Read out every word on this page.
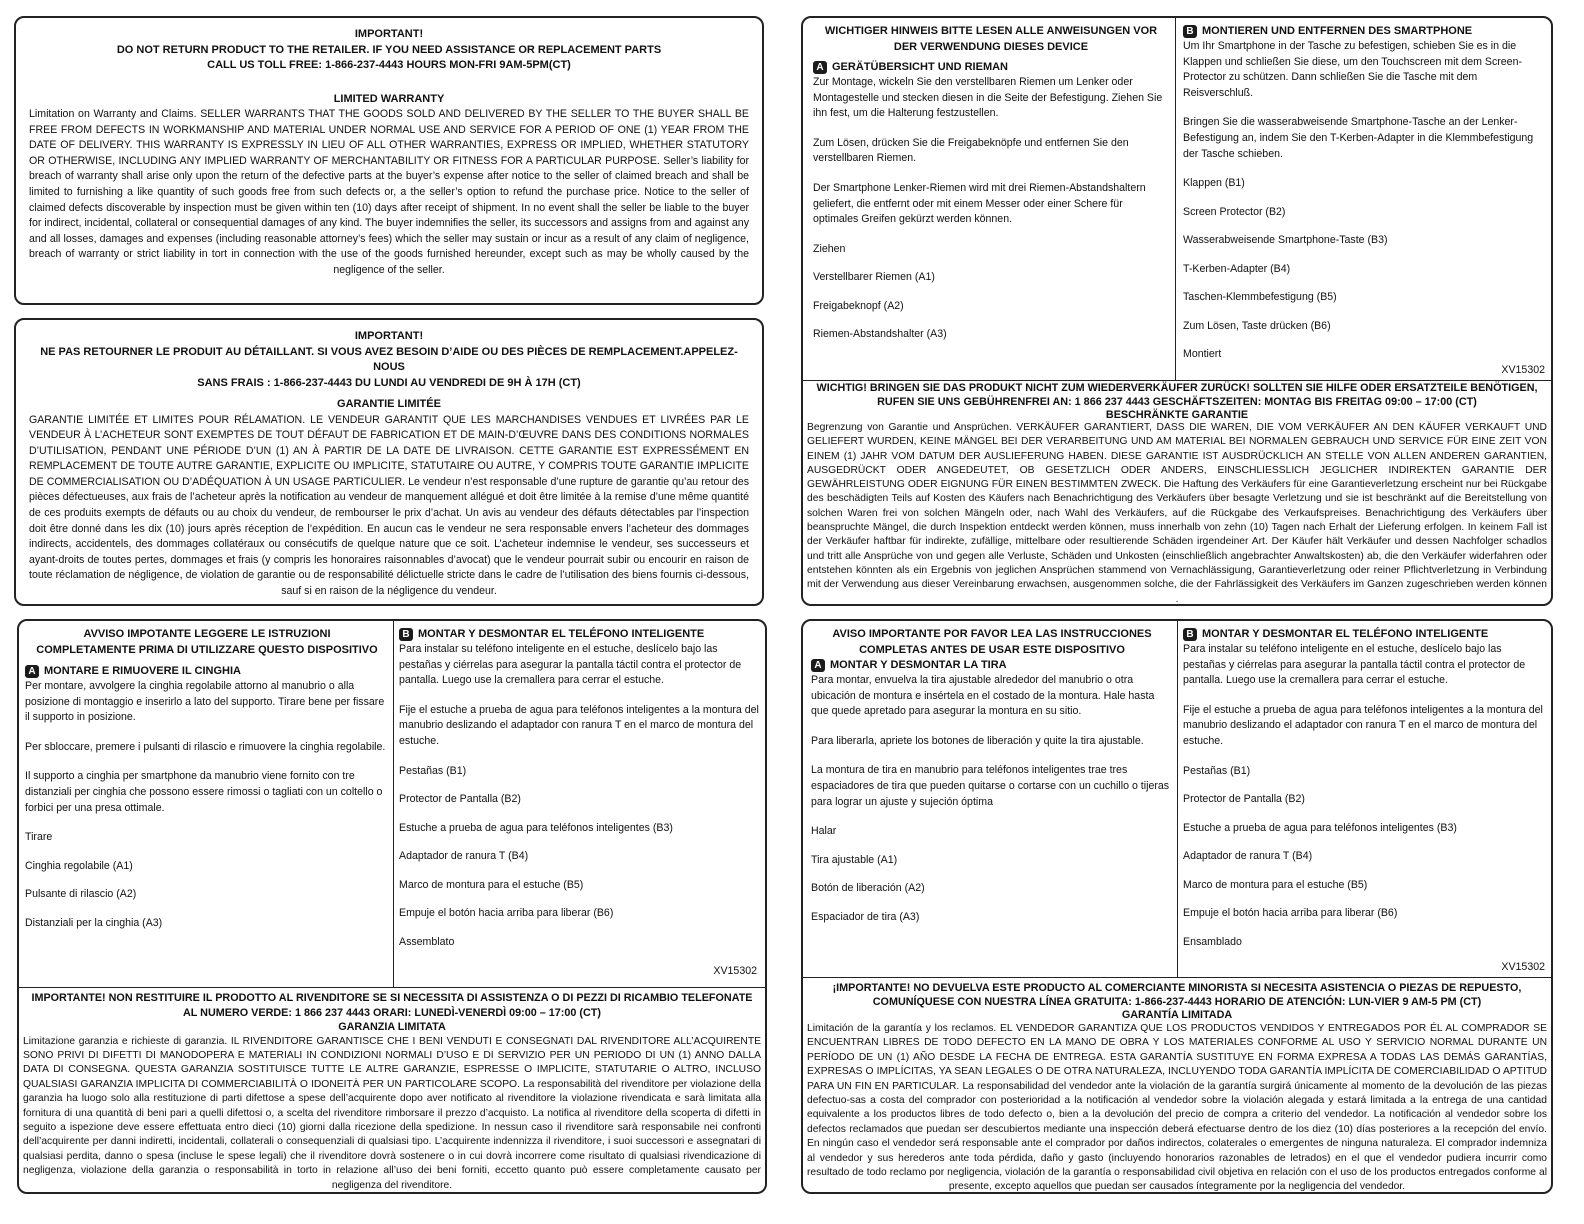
IMPORTANT!
DO NOT RETURN PRODUCT TO THE RETAILER. IF YOU NEED ASSISTANCE OR REPLACEMENT PARTS
CALL US TOLL FREE: 1-866-237-4443 HOURS MON-FRI 9AM-5PM(CT)
LIMITED WARRANTY
Limitation on Warranty and Claims. SELLER WARRANTS THAT THE GOODS SOLD AND DELIVERED BY THE SELLER TO THE BUYER SHALL BE FREE FROM DEFECTS IN WORKMANSHIP AND MATERIAL UNDER NORMAL USE AND SERVICE FOR A PERIOD OF ONE (1) YEAR FROM THE DATE OF DELIVERY. THIS WARRANTY IS EXPRESSLY IN LIEU OF ALL OTHER WARRANTIES, EXPRESS OR IMPLIED, WHETHER STATUTORY OR OTHERWISE, INCLUDING ANY IMPLIED WARRANTY OF MERCHANTABILITY OR FITNESS FOR A PARTICULAR PURPOSE. Seller’s liability for breach of warranty shall arise only upon the return of the defective parts at the buyer’s expense after notice to the seller of claimed breach and shall be limited to furnishing a like quantity of such goods free from such defects or, a the seller’s option to refund the purchase price. Notice to the seller of claimed defects discoverable by inspection must be given within ten (10) days after receipt of shipment. In no event shall the seller be liable to the buyer for indirect, incidental, collateral or consequential damages of any kind. The buyer indemnifies the seller, its successors and assigns from and against any and all losses, damages and expenses (including reasonable attorney’s fees) which the seller may sustain or incur as a result of any claim of negligence, breach of warranty or strict liability in tort in connection with the use of the goods furnished hereunder, except such as may be wholly caused by the negligence of the seller.
IMPORTANT!
NE PAS RETOURNER LE PRODUIT AU DÉTAILLANT. SI VOUS AVEZ BESOIN D’AIDE OU DES PIÈCES DE REMPLACEMENT.APPELEZ-NOUS
SANS FRAIS : 1-866-237-4443 DU LUNDI AU VENDREDI DE 9H À 17H (CT)
GARANTIE LIMITÉE
GARANTIE LIMITÉE ET LIMITES POUR RÉLAMATION. LE VENDEUR GARANTIT QUE LES MARCHANDISES VENDUES ET LIVRÉES PAR LE VENDEUR À L’ACHETEUR SONT EXEMPTES DE TOUT DÉFAUT DE FABRICATION ET DE MAIN-D’ŒUVRE DANS DES CONDITIONS NORMALES D’UTILISATION, PENDANT UNE PÉRIODE D’UN (1) AN À PARTIR DE LA DATE DE LIVRAISON. CETTE GARANTIE EST EXPRESSÉMENT EN REMPLACEMENT DE TOUTE AUTRE GARANTIE, EXPLICITE OU IMPLICITE, STATUTAIRE OU AUTRE, Y COMPRIS TOUTE GARANTIE IMPLICITE DE COMMERCIALISATION OU D’ADÉQUATION À UN USAGE PARTICULIER. Le vendeur n’est responsable d’une rupture de garantie qu’au retour des pièces défectueuses, aux frais de l’acheteur après la notification au vendeur de manquement allégué et doit être limitée à la remise d’une même quantité de ces produits exempts de défauts ou au choix du vendeur, de rembourser le prix d’achat. Un avis au vendeur des défauts détectables par l’inspection doit être donné dans les dix (10) jours après réception de l’expédition. En aucun cas le vendeur ne sera responsable envers l’acheteur des dommages indirects, accidentels, des dommages collatéraux ou consécutifs de quelque nature que ce soit. L’acheteur indemnise le vendeur, ses successeurs et ayant-droits de toutes pertes, dommages et frais (y compris les honoraires raisonnables d’avocat) que le vendeur pourrait subir ou encourir en raison de toute réclamation de négligence, de violation de garantie ou de responsabilité délictuelle stricte dans le cadre de l’utilisation des biens fournis ci-dessous, sauf si en raison de la négligence du vendeur.
AVVISO IMPOTANTE LEGGERE LE ISTRUZIONI COMPLETAMENTE PRIMA DI UTILIZZARE QUESTO DISPOSITIVO
A MONTARE E RIMUOVERE IL CINGHIA
Per montare, avvolgere la cinghia regolabile attorno al manubrio o alla posizione di montaggio e inserirlo a lato del supporto. Tirare bene per fissare il supporto in posizione.
Per sbloccare, premere i pulsanti di rilascio e rimuovere la cinghia regolabile.
Il supporto a cinghia per smartphone da manubrio viene fornito con tre distanziali per cinghia che possono essere rimossi o tagliati con un coltello o forbici per una presa ottimale.
Tirare
Cinghia regolabile (A1)
Pulsante di rilascio (A2)
Distanziali per la cinghia (A3)
B MONTAR Y DESMONTAR EL TELÉFONO INTELIGENTE
Para instalar su teléfono inteligente en el estuche, deslícelo bajo las pestañas y ciérrelas para asegurar la pantalla táctil contra el protector de pantalla. Luego use la cremallera para cerrar el estuche.
Fije el estuche a prueba de agua para teléfonos inteligentes a la montura del manubrio deslizando el adaptador con ranura T en el marco de montura del estuche.
Pestañas (B1)
Protector de Pantalla (B2)
Estuche a prueba de agua para teléfonos inteligentes (B3)
Adaptador de ranura T (B4)
Marco de montura para el estuche (B5)
Empuje el botón hacia arriba para liberar (B6)
Assemblato
XV15302
IMPORTANTE! NON RESTITUIRE IL PRODOTTO AL RIVENDITORE SE SI NECESSITA DI ASSISTENZA O DI PEZZI DI RICAMBIO TELEFONATE AL NUMERO VERDE: 1 866 237 4443 ORARI: LUNEDÌ-VENERDÌ 09:00 – 17:00 (CT)
GARANZIA LIMITATA
Limitazione garanzia e richieste di garanzia. IL RIVENDITORE GARANTISCE CHE I BENI VENDUTI E CONSEGNATI DAL RIVENDITORE ALL’ACQUIRENTE SONO PRIVI DI DIFETTI DI MANODOPERA E MATERIALI IN CONDIZIONI NORMALI D’USO E DI SERVIZIO PER UN PERIODO DI UN (1) ANNO DALLA DATA DI CONSEGNA. QUESTA GARANZIA SOSTITUISCE TUTTE LE ALTRE GARANZIE, ESPRESSE O IMPLICITE, STATUTARIE O ALTRO, INCLUSO QUALSIASI GARANZIA IMPLICITA DI COMMERCIABILITÀ O IDONEITÀ PER UN PARTICOLARE SCOPO. La responsabilità del rivenditore per violazione della garanzia ha luogo solo alla restituzione di parti difettose a spese dell’acquirente dopo aver notificato al rivenditore la violazione rivendicata e sarà limitata alla fornitura di una quantità di beni pari a quelli difettosi o, a scelta del rivenditore rimborsare il prezzo d’acquisto. La notifica al rivenditore della scoperta di difetti in seguito a ispezione deve essere effettuata entro dieci (10) giorni dalla ricezione della spedizione. In nessun caso il rivenditore sarà responsabile nei confronti dell’acquirente per danni indiretti, incidentali, collaterali o consequenziali di qualsiasi tipo. L’acquirente indennizza il rivenditore, i suoi successori e assegnatari di qualsiasi perdita, danno o spesa (incluse le spese legali) che il rivenditore dovrà sostenere o in cui dovrà incorrere come risultato di qualsiasi rivendicazione di negligenza, violazione della garanzia o responsabilità in torto in relazione all’uso dei beni forniti, eccetto quanto può essere completamente causato per negligenza del rivenditore.
WICHTIGER HINWEIS BITTE LESEN ALLE ANWEISUNGEN VOR DER VERWENDUNG DIESES DEVICE
A GERÄTÜBERSICHT UND RIEMAN
Zur Montage, wickeln Sie den verstellbaren Riemen um Lenker oder Montagestelle und stecken diesen in die Seite der Befestigung. Ziehen Sie ihn fest, um die Halterung festzustellen.
Zum Lösen, drücken Sie die Freigabeknöpfe und entfernen Sie den verstellbaren Riemen.
Der Smartphone Lenker-Riemen wird mit drei Riemen-Abstandshaltern geliefert, die entfernt oder mit einem Messer oder einer Schere für optimales Greifen gekürzt werden können.
Ziehen
Verstellbarer Riemen (A1)
Freigabeknopf (A2)
Riemen-Abstandshalter (A3)
B MONTIEREN UND ENTFERNEN DES SMARTPHONE
Um Ihr Smartphone in der Tasche zu befestigen, schieben Sie es in die Klappen und schließen Sie diese, um den Touchscreen mit dem Screen-Protector zu schützen. Dann schließen Sie die Tasche mit dem Reisverschluß.
Bringen Sie die wasserabweisende Smartphone-Tasche an der Lenker-Befestigung an, indem Sie den T-Kerben-Adapter in die Klemmbefestigung der Tasche schieben.
Klappen (B1)
Screen Protector (B2)
Wasserabweisende Smartphone-Taste (B3)
T-Kerben-Adapter (B4)
Taschen-Klemmbefestigung (B5)
Zum Lösen, Taste drücken (B6)
Montiert
XV15302
WICHTIG! BRINGEN SIE DAS PRODUKT NICHT ZUM WIEDERVERKÄUFER ZURÜCK! SOLLTEN SIE HILFE ODER ERSATZTEILE BENÖTIGEN, RUFEN SIE UNS GEBÜHRENFREI AN: 1 866 237 4443 GESCHÄFTSZEITEN: MONTAG BIS FREITAG 09:00 – 17:00 (CT)
BESCHRÄNKTE GARANTIE
Begrenzung von Garantie und Ansprüchen. VERKÄUFER GARANTIERT, DASS DIE WAREN, DIE VOM VERKÄUFER AN DEN KÄUFER VERKAUFT UND GELIEFERT WURDEN, KEINE MÄNGEL BEI DER VERARBEITUNG UND AM MATERIAL BEI NORMALEN GEBRAUCH UND SERVICE FÜR EINE ZEIT VON EINEM (1) JAHR VOM DATUM DER AUSLIEFERUNG HABEN. DIESE GARANTIE IST AUSDRÜCKLICH AN STELLE VON ALLEN ANDEREN GARANTIEN, AUSGEDRÜCKT ODER ANGEDEUTET, OB GESETZLICH ODER ANDERS, EINSCHLIESSLICH JEGLICHER INDIREKTEN GARANTIE DER GEWÄHRLEISTUNG ODER EIGNUNG FÜR EINEN BESTIMMTEN ZWECK. Die Haftung des Verkäufers für eine Garantieverletzung erscheint nur bei Rückgabe des beschädigten Teils auf Kosten des Käufers nach Benachrichtigung des Verkäufers über besagte Verletzung und sie ist beschränkt auf die Bereitstellung von solchen Waren frei von solchen Mängeln oder, nach Wahl des Verkäufers, auf die Rückgabe des Verkaufspreises. Benachrichtigung des Verkäufers über beanspruchte Mängel, die durch Inspektion entdeckt werden können, muss innerhalb von zehn (10) Tagen nach Erhalt der Lieferung erfolgen. In keinem Fall ist der Verkäufer haftbar für indirekte, zufällige, mittelbare oder resultierende Schäden irgendeiner Art. Der Käufer hält Verkäufer und dessen Nachfolger schadlos und tritt alle Ansprüche von und gegen alle Verluste, Schäden und Unkosten (einschließlich angebrachter Anwaltskosten) ab, die den Verkäufer widerfahren oder entstehen könnten als ein Ergebnis von jeglichen Ansprüchen stammend von Vernachlässigung, Garantieverletzung oder reiner Pflichtverletzung in Verbindung mit der Verwendung aus dieser Vereinbarung erwachsen, ausgenommen solche, die der Fahrlässigkeit des Verkäufers im Ganzen zugeschrieben werden können .
AVISO IMPORTANTE POR FAVOR LEA LAS INSTRUCCIONES COMPLETAS ANTES DE USAR ESTE DISPOSITIVO
A MONTAR Y DESMONTAR LA TIRA
Para montar, envuelva la tira ajustable alrededor del manubrio o otra ubicación de montura e insértela en el costado de la montura. Hale hasta que quede apretado para asegurar la montura en su sitio.
Para liberarla, apriete los botones de liberación y quite la tira ajustable.
La montura de tira en manubrio para teléfonos inteligentes trae tres espaciadores de tira que pueden quitarse o cortarse con un cuchillo o tijeras para lograr un ajuste y sujeción óptima
Halar
Tira ajustable (A1)
Botón de liberación (A2)
Espaciador de tira (A3)
B MONTAR Y DESMONTAR EL TELÉFONO INTELIGENTE
Para instalar su teléfono inteligente en el estuche, deslícelo bajo las pestañas y ciérrelas para asegurar la pantalla táctil contra el protector de pantalla. Luego use la cremallera para cerrar el estuche.
Fije el estuche a prueba de agua para teléfonos inteligentes a la montura del manubrio deslizando el adaptador con ranura T en el marco de montura del estuche.
Pestañas (B1)
Protector de Pantalla (B2)
Estuche a prueba de agua para teléfonos inteligentes (B3)
Adaptador de ranura T (B4)
Marco de montura para el estuche (B5)
Empuje el botón hacia arriba para liberar (B6)
Ensamblado
XV15302
¡IMPORTANTE! NO DEVUELVA ESTE PRODUCTO AL COMERCIANTE MINORISTA SI NECESITA ASISTENCIA O PIEZAS DE REPUESTO, COMUNÍQUESE CON NUESTRA LÍNEA GRATUITA: 1-866-237-4443 HORARIO DE ATENCIÓN: LUN-VIER 9 AM-5 PM (CT)
GARANTÍA LIMITADA
Limitación de la garantía y los reclamos. EL VENDEDOR GARANTIZA QUE LOS PRODUCTOS VENDIDOS Y ENTREGADOS POR ÉL AL COMPRADOR SE ENCUENTRAN LIBRES DE TODO DEFECTO EN LA MANO DE OBRA Y LOS MATERIALES CONFORME AL USO Y SERVICIO NORMAL DURANTE UN PERÍODO DE UN (1) AÑO DESDE LA FECHA DE ENTREGA. ESTA GARANTÍA SUSTITUYE EN FORMA EXPRESA A TODAS LAS DEMÁS GARANTÍAS, EXPRESAS O IMPLÍCITAS, YA SEAN LEGALES O DE OTRA NATURALEZA, INCLUYENDO TODA GARANTÍA IMPLÍCITA DE COMERCIABILIDAD O APTITUD PARA UN FIN EN PARTICULAR. La responsabilidad del vendedor ante la violación de la garantía surgirá únicamente al momento de la devolución de las piezas defectuo-sas a costa del comprador con posterioridad a la notificación al vendedor sobre la violación alegada y estará limitada a la entrega de una cantidad equivalente a los productos libres de todo defecto o, bien a la devolución del precio de compra a criterio del vendedor. La notificación al vendedor sobre los defectos reclamados que puedan ser descubiertos mediante una inspección deberá efectuarse dentro de los diez (10) días posteriores a la recepción del envío. En ningún caso el vendedor será responsable ante el comprador por daños indirectos, colaterales o emergentes de ninguna naturaleza. El comprador indemniza al vendedor y sus herederos ante toda pérdida, daño y gasto (incluyendo honorarios razonables de letrados) en el que el vendedor pudiera incurrir como resultado de todo reclamo por negligencia, violación de la garantía o responsabilidad civil objetiva en relación con el uso de los productos entregados conforme al presente, excepto aquellos que puedan ser causados íntegramente por la negligencia del vendedor.
